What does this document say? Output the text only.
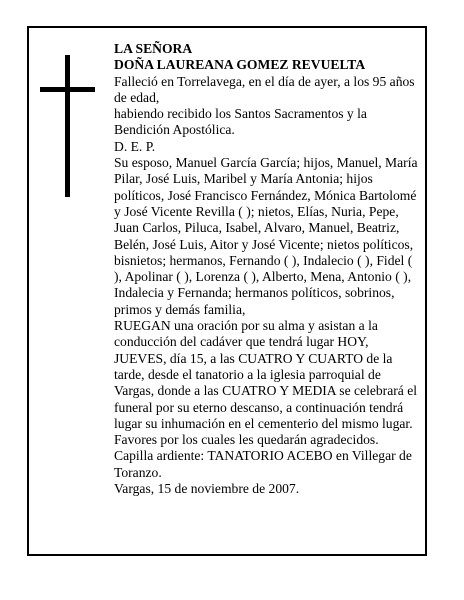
LA SEÑORA

DOÑA LAUREANA GOMEZ REVUELTA

Falleció en Torrelavega, en el día de ayer, a los 95 años de edad,

habiendo recibido los Santos Sacramentos y la Bendición Apostólica.

D. E. P.

Su esposo, Manuel García García; hijos, Manuel, María Pilar, José Luis, Maribel y María Antonia; hijos políticos, José Francisco Fernández, Mónica Bartolomé y José Vicente Revilla ( ); nietos, Elías, Nuria, Pepe, Juan Carlos, Piluca, Isabel, Alvaro, Manuel, Beatriz, Belén, José Luis, Aitor y José Vicente; nietos políticos, bisnietos; hermanos, Fernando ( ), Indalecio ( ), Fidel ( ), Apolinar ( ), Lorenza ( ), Alberto, Mena, Antonio ( ), Indalecia y Fernanda; hermanos políticos, sobrinos, primos y demás familia,

RUEGAN una oración por su alma y asistan a la conducción del cadáver que tendrá lugar HOY, JUEVES, día 15, a las CUATRO Y CUARTO de la tarde, desde el tanatorio a la iglesia parroquial de Vargas, donde a las CUATRO Y MEDIA se celebrará el funeral por su eterno descanso, a continuación tendrá lugar su inhumación en el cementerio del mismo lugar.

Favores por los cuales les quedarán agradecidos.

Capilla ardiente: TANATORIO ACEBO en Villegar de Toranzo.

Vargas, 15 de noviembre de 2007.
